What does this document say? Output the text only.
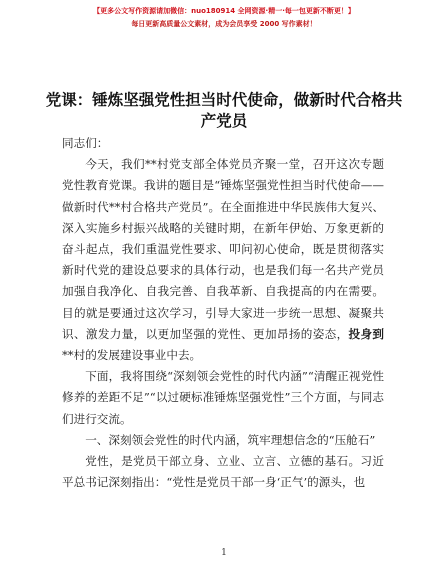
【更多公文写作资源请加微信：nuo180914 全网资源·精一·每一包更新不断更！】
每日更新高质量公文素材，成为会员享受 2000 写作素材！
党课：锤炼坚强党性担当时代使命，做新时代合格共产党员

同志们：

今天，我们**村党支部全体党员齐聚一堂，召开这次专题党性教育党课。我讲的题目是“锤炼坚强党性担当时代使命——做新时代**村合格共产党员”。在全面推进中华民族伟大复兴、深入实施乡村振兴战略的关键时期，在新年伊始、万象更新的奋斗起点，我们重温党性要求、叩问初心使命，既是贯彻落实新时代党的建设总要求的具体行动，也是我们每一名共产党员加强自我净化、自我完善、自我革新、自我提高的内在需要。目的就是要通过这次学习，引导大家进一步统一思想、凝聚共识、激发力量，以更加坚强的党性、更加昂扬的姿态，投身到**村的发展建设事业中去。

下面，我将围绕“深刻领会党性的时代内涵”“清醒正视党性修养的差距不足”“以过硬标准锤炼坚强党性”三个方面，与同志们进行交流。

一、深刻领会党性的时代内涵，筑牢理想信念的“压舱石”

党性，是党员干部立身、立业、立言、立德的基石。习近平总书记深刻指出：“党性是党员干部一身‘正气’的源头，也

1
